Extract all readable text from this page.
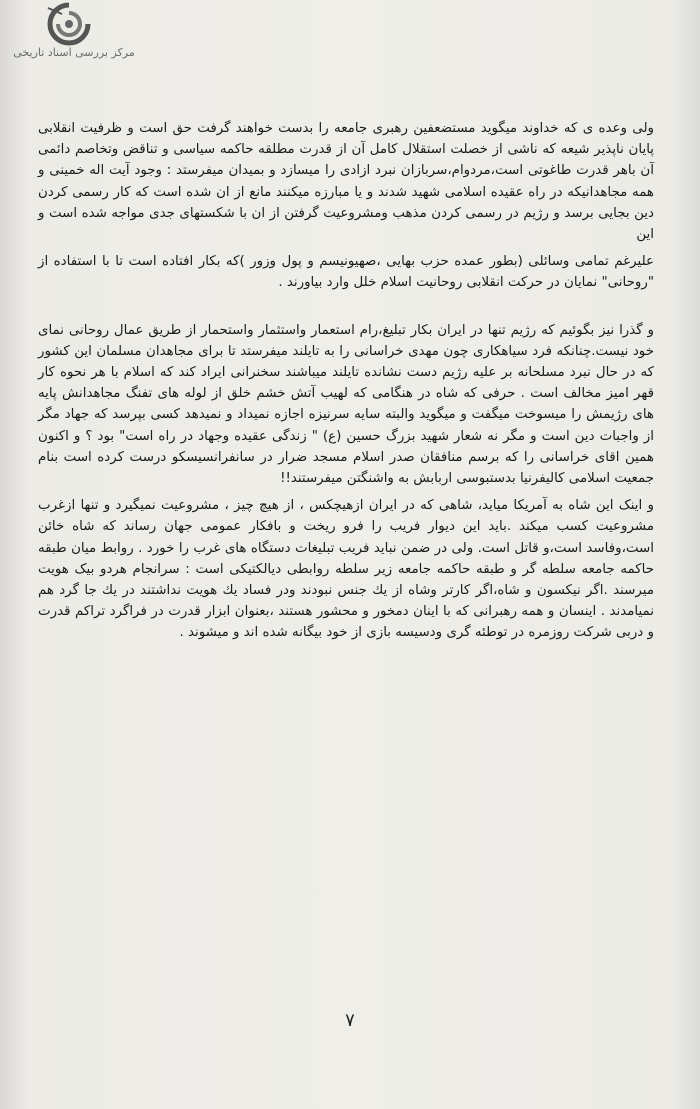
مرکز بررسی اسناد تاریخی

ولی وعده ی که خداوند میگوید مستضعفین رهبری جامعه را بدست خواهند گرفت حق است و ظرفیت انقلابی پایان ناپذیر شیعه که ناشی از خصلت استقلال کامل آن از قدرت مطلقه حاکمه سیاسی و تناقض وتخاصم دائمی آن باهر قدرت طاغوتی است،مردوام،سربازان نبرد ازادی را میسازد و بمیدان میفرستد : وجود آیت اله خمینی و همه مجاهدانیکه در راه عقیده اسلامی شهید شدند و یا مبارزه میکنند مانع از ان شده است که کار رسمی کردن دین بجایی برسد و رژیم در رسمی کردن مذهب ومشروعیت گرفتن از ان با شکستهای جدی مواجه شده است و این

علیرغم تمامی وسائلی (بطور عمده حزب بهایی ،صهیونیسم و پول وزور )که بکار افتاده است تا با استفاده از "روحانی" نمایان در حرکت انقلابی روحانیت اسلام خلل وارد بیاورند .

و گذرا نیز بگوئیم که رژیم تنها در ایران بکار تبلیغ،رام استعمار واستثمار واستحمار از طریق عمال روحانی نمای خود نیست.چنانکه فرد سیاهکاری چون مهدی خراسانی را به تایلند میفرستد تا برای مجاهدان مسلمان این کشور که در حال نبرد مسلحانه بر علیه رژیم دست نشانده تایلند میباشند سخنرانی ایراد کند که اسلام با هر نحوه کار قهر امیز مخالف است . حرفی که شاه در هنگامی که لهیب آتش خشم خلق از لوله های تفنگ مجاهدانش پایه های رژیمش را میسوخت میگفت و میگوید والبته سایه سرنیزه اجازه نمیداد و نمیدهد کسی بپرسد که جهاد مگر از واجبات دین است و مگر نه شعار شهید بزرگ حسین (ع) " زندگی عقیده وجهاد در راه است" بود ؟ و اکنون همین اقای خراسانی را که برسم منافقان صدر اسلام مسجد ضرار در سانفرانسیسکو درست کرده است بنام جمعیت اسلامی کالیفرنیا بدستبوسی اربابش به واشنگتن میفرستند!!

و اینک این شاه به آمریکا میاید، شاهی که در ایران ازهیچکس ، از هیچ چیز ، مشروعیت نمیگیرد و تنها ازغرب مشروعیت کسب میکند .باید این دیوار فریب را فرو ریخت و بافکار عمومی جهان رساند که شاه خائن است،وفاسد است،و قاتل است. ولی در ضمن نباید فریب تبلیغات دستگاه های غرب را خورد . روابط میان طبقه حاکمه جامعه سلطه گر و طبقه حاکمه جامعه زیر سلطه روابطی دیالکتیکی است : سرانجام هردو بیک هویت میرسند .اگر نیکسون و شاه،اگر کارتر وشاه از یك جنس نبودند ودر فساد یك هویت نداشتند در یك جا گرد هم نمیامدند . اینسان و همه رهبرانی که با اینان دمخور و محشور هستند ،بعنوان ابزار قدرت در فراگرد تراکم قدرت و دربی شرکت روزمره در توطئه گری ودسیسه بازی از خود بیگانه شده اند و میشوند .

٧
